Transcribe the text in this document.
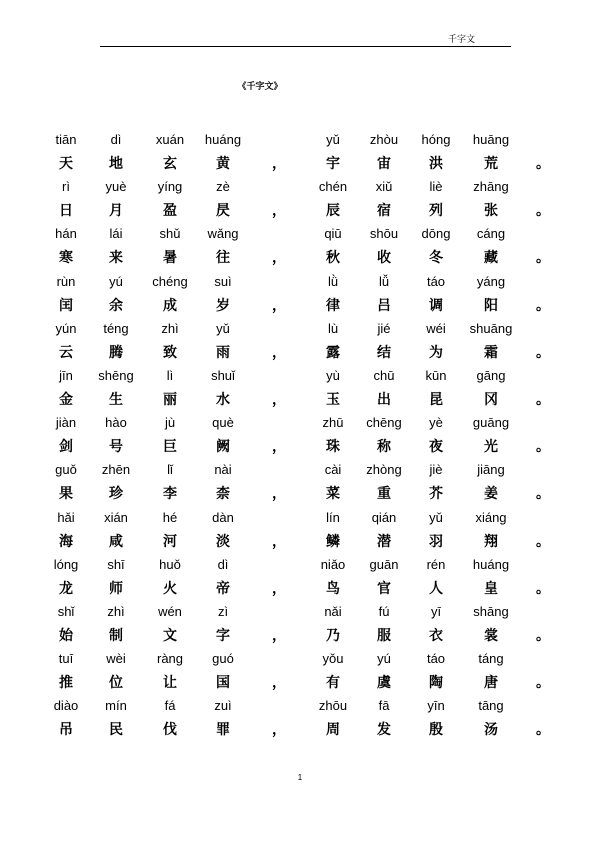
千字文
《千字文》
tiān	dì	xuán	huáng	yǔ	zhòu	hóng	huāng
天	地	玄	黄	宇	宙	洪	荒
，	。
rì	yuè	yíng	zè	chén	xiǔ	liè	zhāng
日	月	盈	昃	辰	宿	列	张
，	。
hán	lái	shǔ	wǎng	qiū	shōu	dōng	cáng
寒	来	暑	往	秋	收	冬	藏
，	。
rùn	yú	chéng	suì	lǜ	lǚ	táo	yáng
闰	余	成	岁	律	吕	调	阳
，	。
yún	téng	zhì	yǔ	lù	jié	wéi	shuāng
云	腾	致	雨	露	结	为	霜
，	。
jīn	shēng	lì	shuǐ	yù	chū	kūn	gāng
金	生	丽	水	玉	出	昆	冈
，	。
jiàn	hào	jù	què	zhū	chēng	yè	guāng
剑	号	巨	阙	珠	称	夜	光
，	。
guǒ	zhēn	lǐ	nài	cài	zhòng	jiè	jiāng
果	珍	李	柰	菜	重	芥	姜
，	。
hǎi	xián	hé	dàn	lín	qián	yǔ	xiáng
海	咸	河	淡	鳞	潜	羽	翔
，	。
lóng	shī	huǒ	dì	niǎo	guān	rén	huáng
龙	师	火	帝	鸟	官	人	皇
，	。
shǐ	zhì	wén	zì	nǎi	fú	yī	shāng
始	制	文	字	乃	服	衣	裳
，	。
tuī	wèi	ràng	guó	yǒu	yú	táo	táng
推	位	让	国	有	虞	陶	唐
，	。
diào	mín	fá	zuì	zhōu	fā	yīn	tāng
吊	民	伐	罪	周	发	殷	汤
，	。
1
